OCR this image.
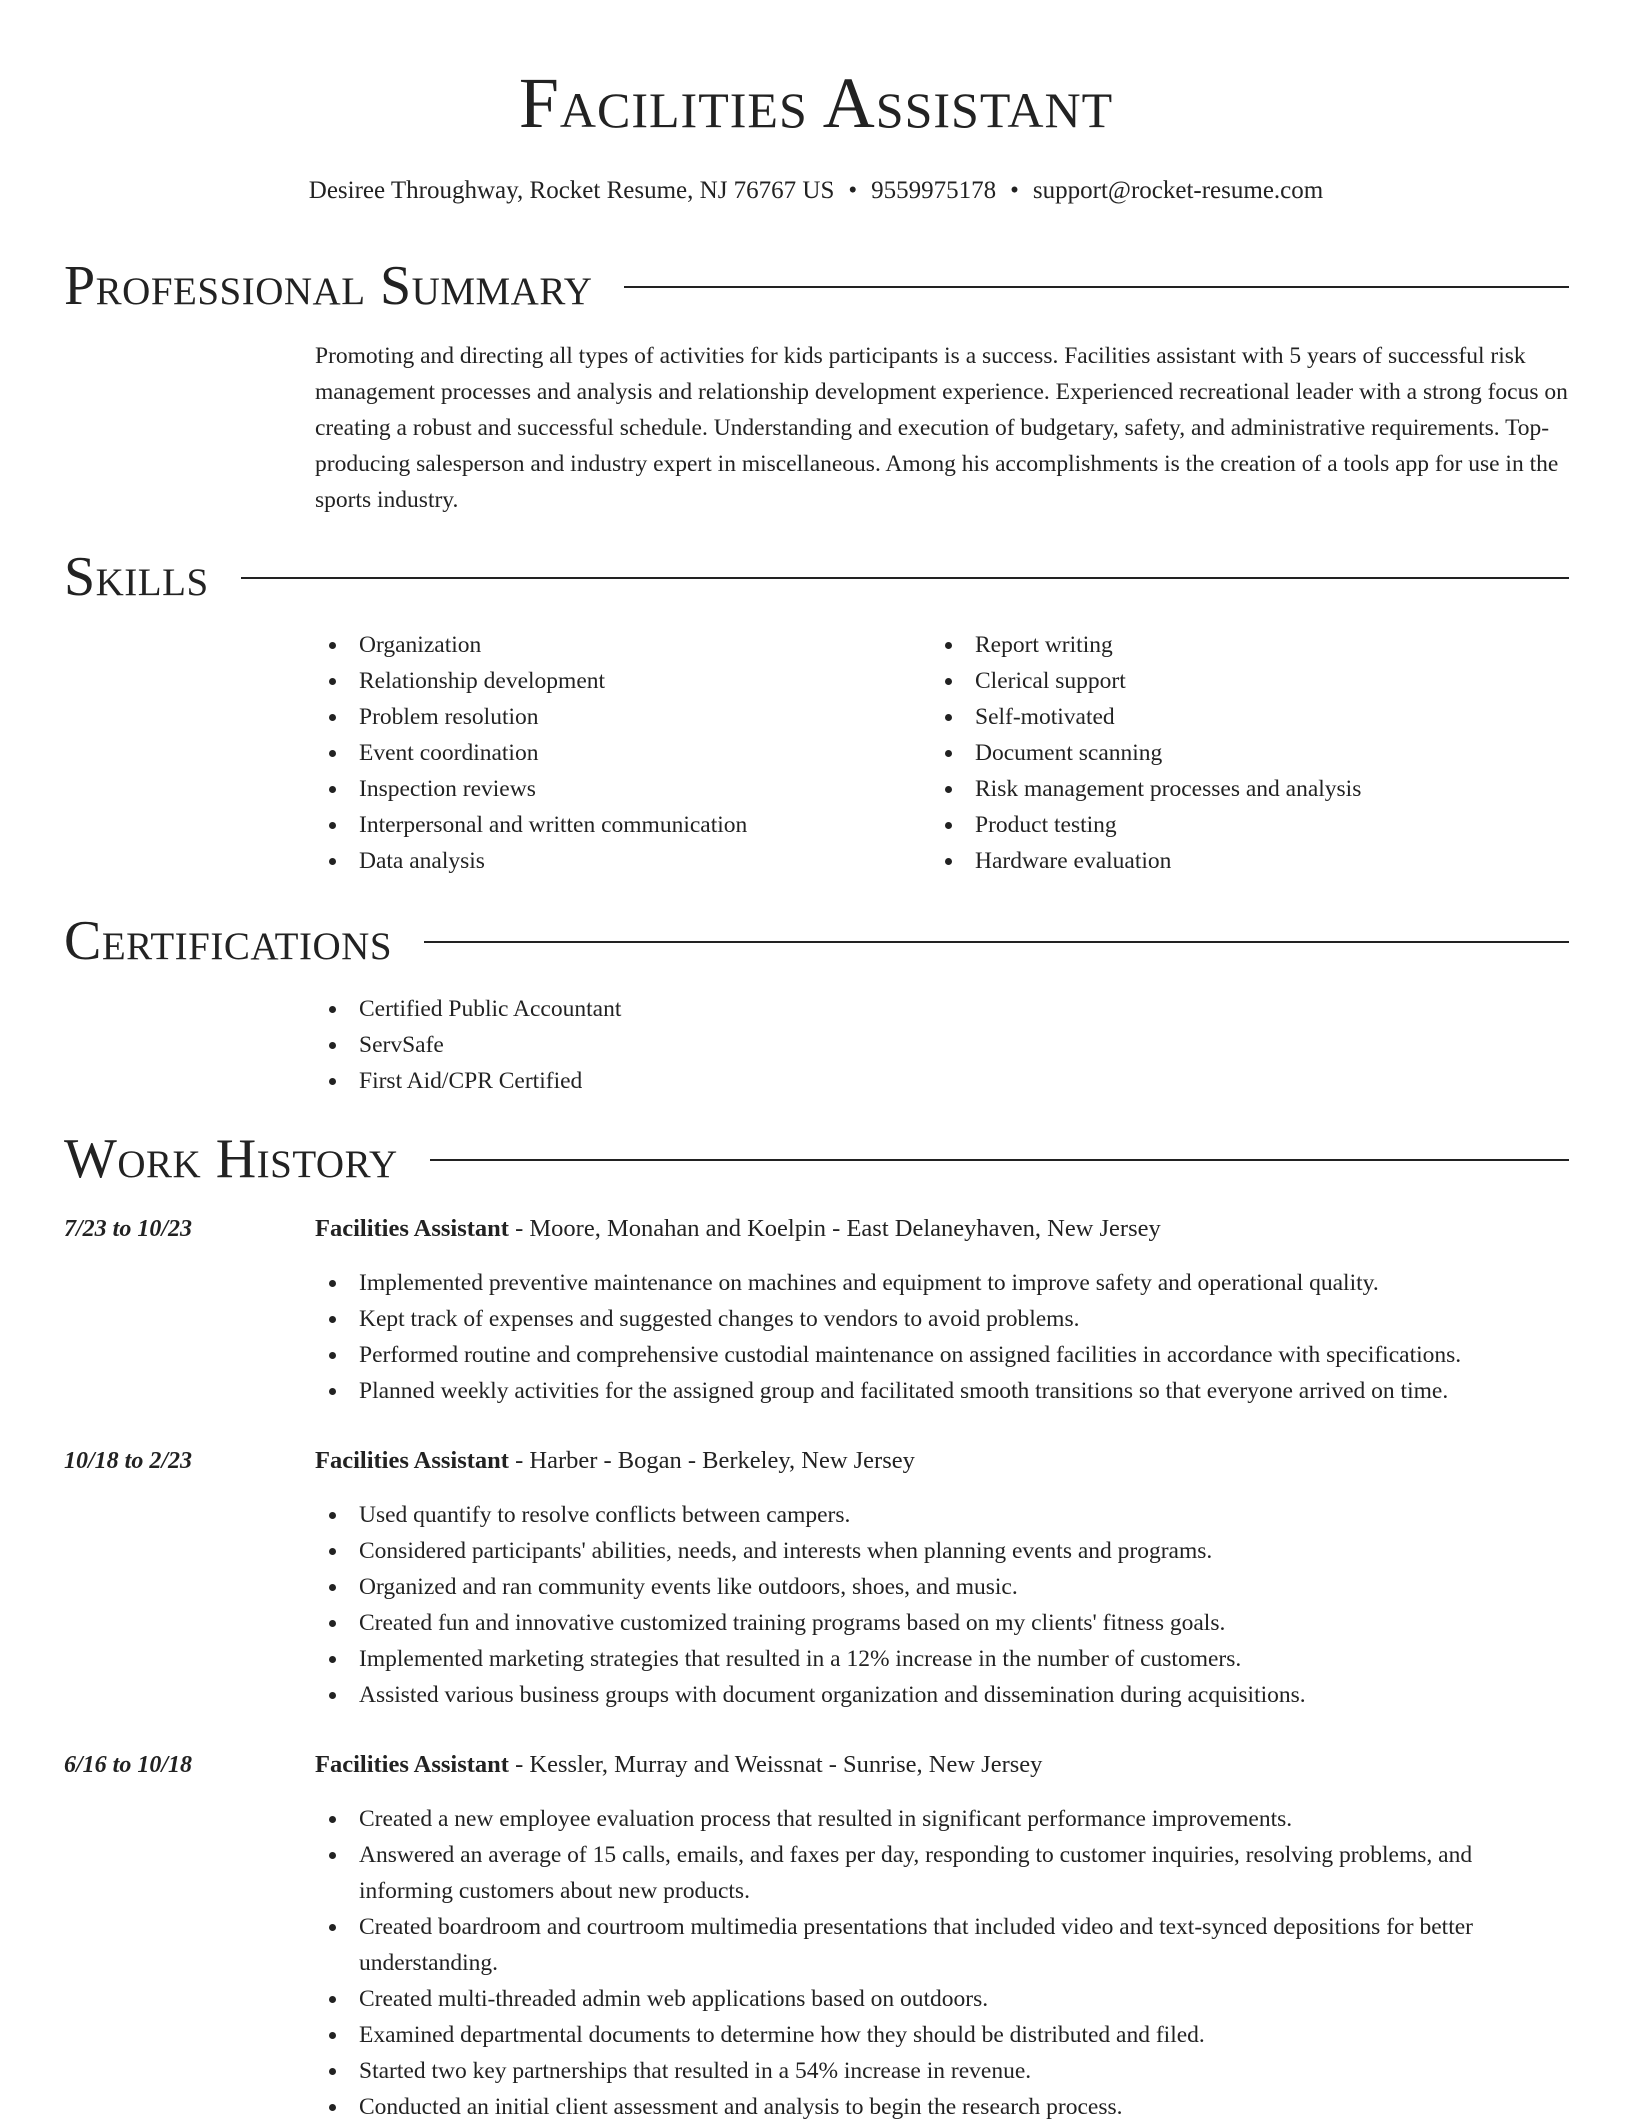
Facilities Assistant
Desiree Throughway, Rocket Resume, NJ 76767 US • 9559975178 • support@rocket-resume.com
Professional Summary

Promoting and directing all types of activities for kids participants is a success. Facilities assistant with 5 years of successful risk management processes and analysis and relationship development experience. Experienced recreational leader with a strong focus on creating a robust and successful schedule. Understanding and execution of budgetary, safety, and administrative requirements. Top-producing salesperson and industry expert in miscellaneous. Among his accomplishments is the creation of a tools app for use in the sports industry.

Skills
Organization
Relationship development
Problem resolution
Event coordination
Inspection reviews
Interpersonal and written communication
Data analysis
Report writing
Clerical support
Self-motivated
Document scanning
Risk management processes and analysis
Product testing
Hardware evaluation
Certifications
Certified Public Accountant
ServSafe
First Aid/CPR Certified
Work History
7/23 to 10/23	Facilities Assistant - Moore, Monahan and Koelpin - East Delaneyhaven, New Jersey
Implemented preventive maintenance on machines and equipment to improve safety and operational quality.
Kept track of expenses and suggested changes to vendors to avoid problems.
Performed routine and comprehensive custodial maintenance on assigned facilities in accordance with specifications.
Planned weekly activities for the assigned group and facilitated smooth transitions so that everyone arrived on time.
10/18 to 2/23	Facilities Assistant - Harber - Bogan - Berkeley, New Jersey
Used quantify to resolve conflicts between campers.
Considered participants' abilities, needs, and interests when planning events and programs.
Organized and ran community events like outdoors, shoes, and music.
Created fun and innovative customized training programs based on my clients' fitness goals.
Implemented marketing strategies that resulted in a 12% increase in the number of customers.
Assisted various business groups with document organization and dissemination during acquisitions.
6/16 to 10/18	Facilities Assistant - Kessler, Murray and Weissnat - Sunrise, New Jersey
Created a new employee evaluation process that resulted in significant performance improvements.
Answered an average of 15 calls, emails, and faxes per day, responding to customer inquiries, resolving problems, and informing customers about new products.
Created boardroom and courtroom multimedia presentations that included video and text-synced depositions for better understanding.
Created multi-threaded admin web applications based on outdoors.
Examined departmental documents to determine how they should be distributed and filed.
Started two key partnerships that resulted in a 54% increase in revenue.
Conducted an initial client assessment and analysis to begin the research process.
